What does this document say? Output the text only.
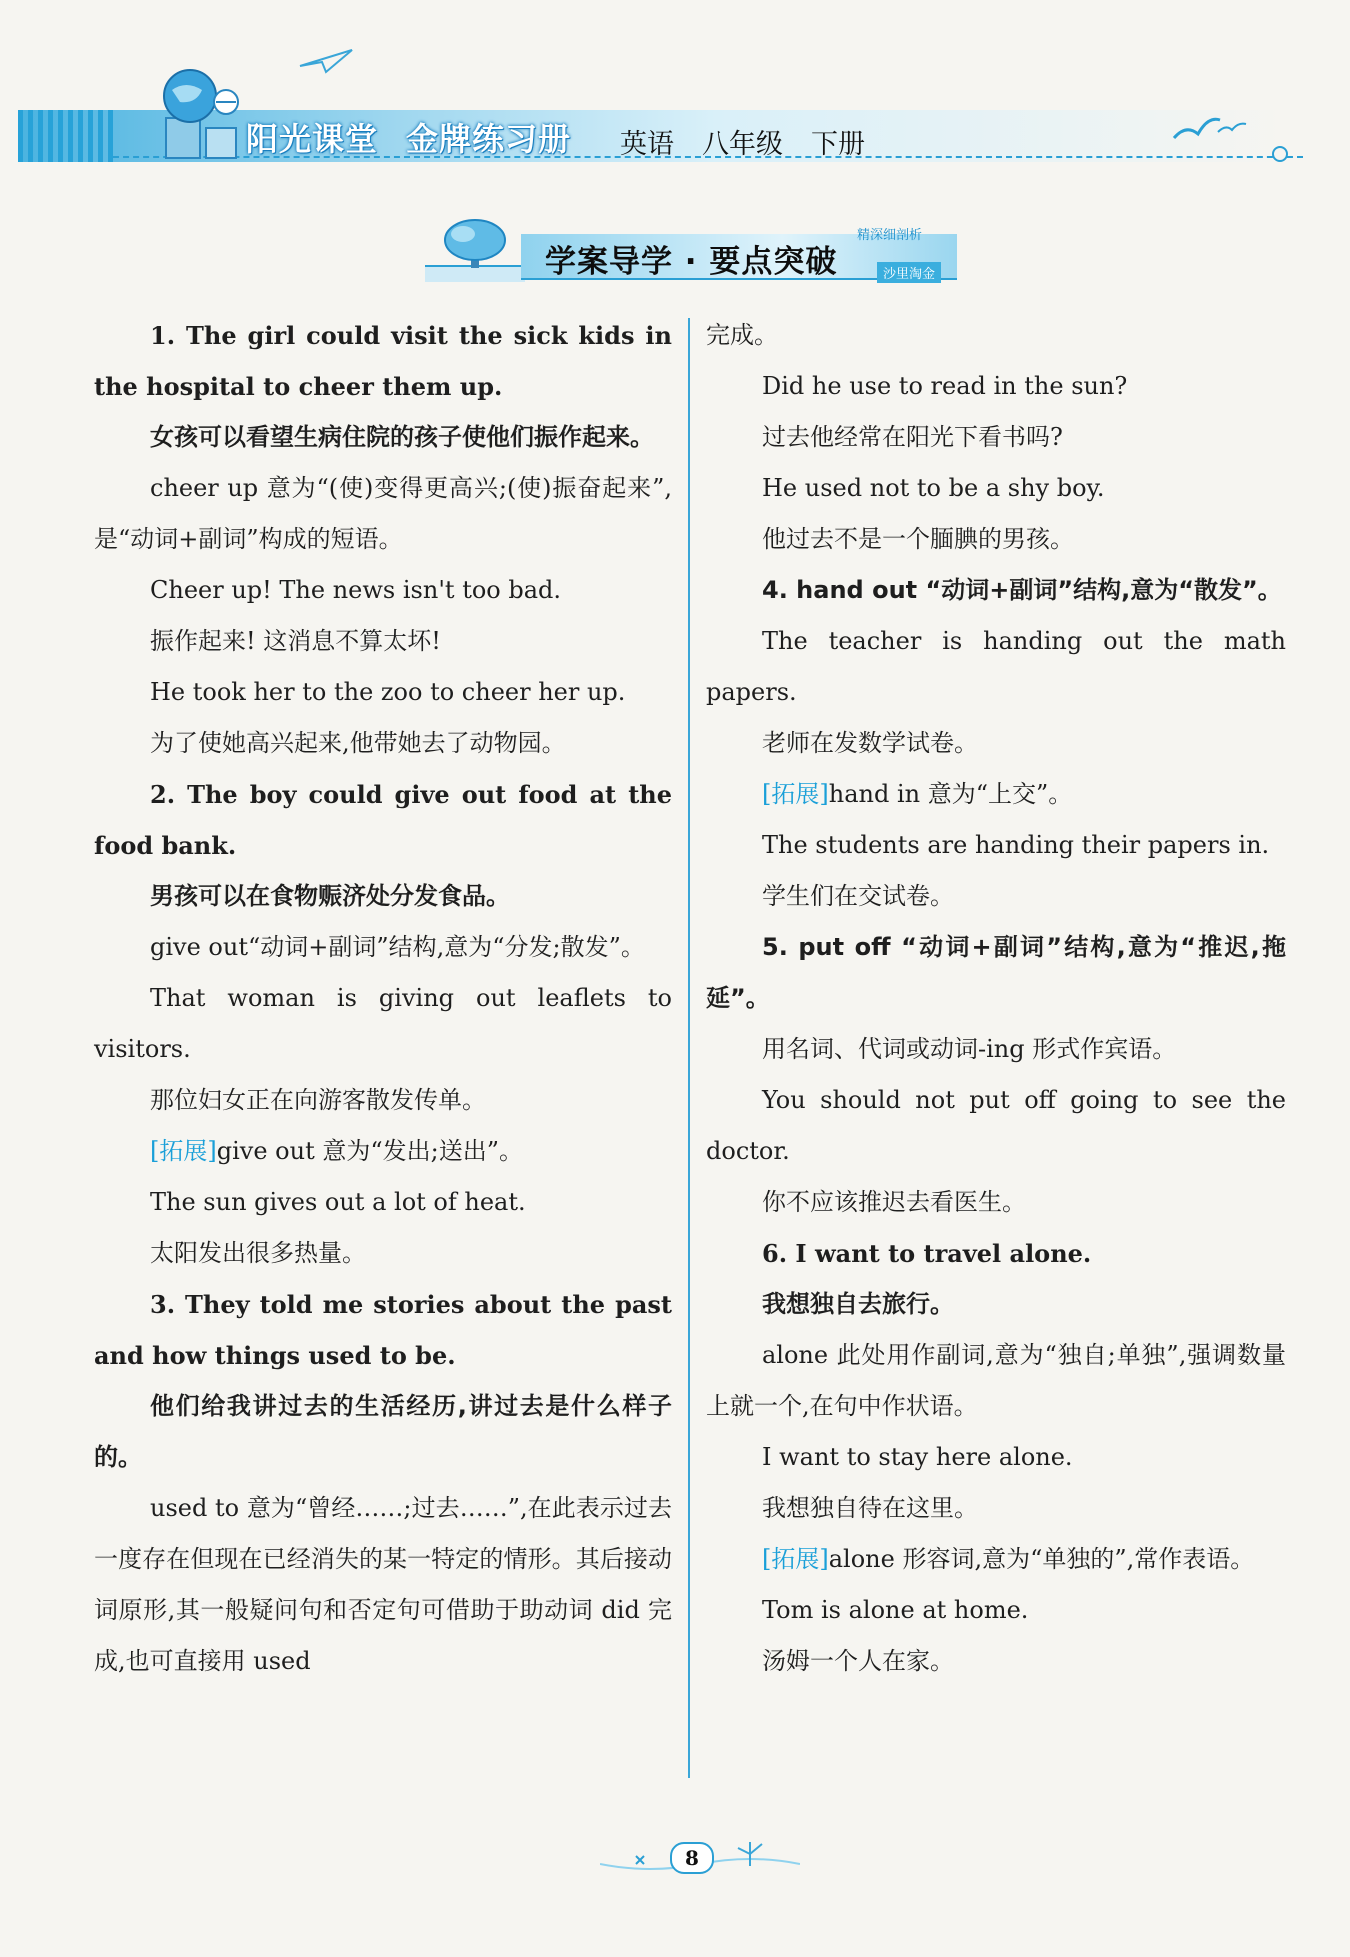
阳光课堂 金牌练习册	英语 八年级 下册
学案导学 · 要点突破
精深细剖析
沙里淘金

1. The girl could visit the sick kids in the hospital to cheer them up.

女孩可以看望生病住院的孩子使他们振作起来。

cheer up 意为“(使)变得更高兴;(使)振奋起来”,是“动词+副词”构成的短语。

Cheer up! The news isn't too bad.

振作起来! 这消息不算太坏!

He took her to the zoo to cheer her up.

为了使她高兴起来,他带她去了动物园。

2. The boy could give out food at the food bank.

男孩可以在食物赈济处分发食品。

give out“动词+副词”结构,意为“分发;散发”。

That woman is giving out leaflets to visitors.

那位妇女正在向游客散发传单。

[拓展]give out 意为“发出;送出”。

The sun gives out a lot of heat.

太阳发出很多热量。

3. They told me stories about the past and how things used to be.

他们给我讲过去的生活经历,讲过去是什么样子的。

used to 意为“曾经……;过去……”,在此表示过去一度存在但现在已经消失的某一特定的情形。其后接动词原形,其一般疑问句和否定句可借助于助动词 did 完成,也可直接用 used

完成。

Did he use to read in the sun?

过去他经常在阳光下看书吗?

He used not to be a shy boy.

他过去不是一个腼腆的男孩。

4. hand out “动词+副词”结构,意为“散发”。

The teacher is handing out the math papers.

老师在发数学试卷。

[拓展]hand in 意为“上交”。

The students are handing their papers in.

学生们在交试卷。

5. put off “动词+副词”结构,意为“推迟,拖延”。

用名词、代词或动词-ing 形式作宾语。

You should not put off going to see the doctor.

你不应该推迟去看医生。

6. I want to travel alone.

我想独自去旅行。

alone 此处用作副词,意为“独自;单独”,强调数量上就一个,在句中作状语。

I want to stay here alone.

我想独自待在这里。

[拓展]alone 形容词,意为“单独的”,常作表语。

Tom is alone at home.

汤姆一个人在家。

8
